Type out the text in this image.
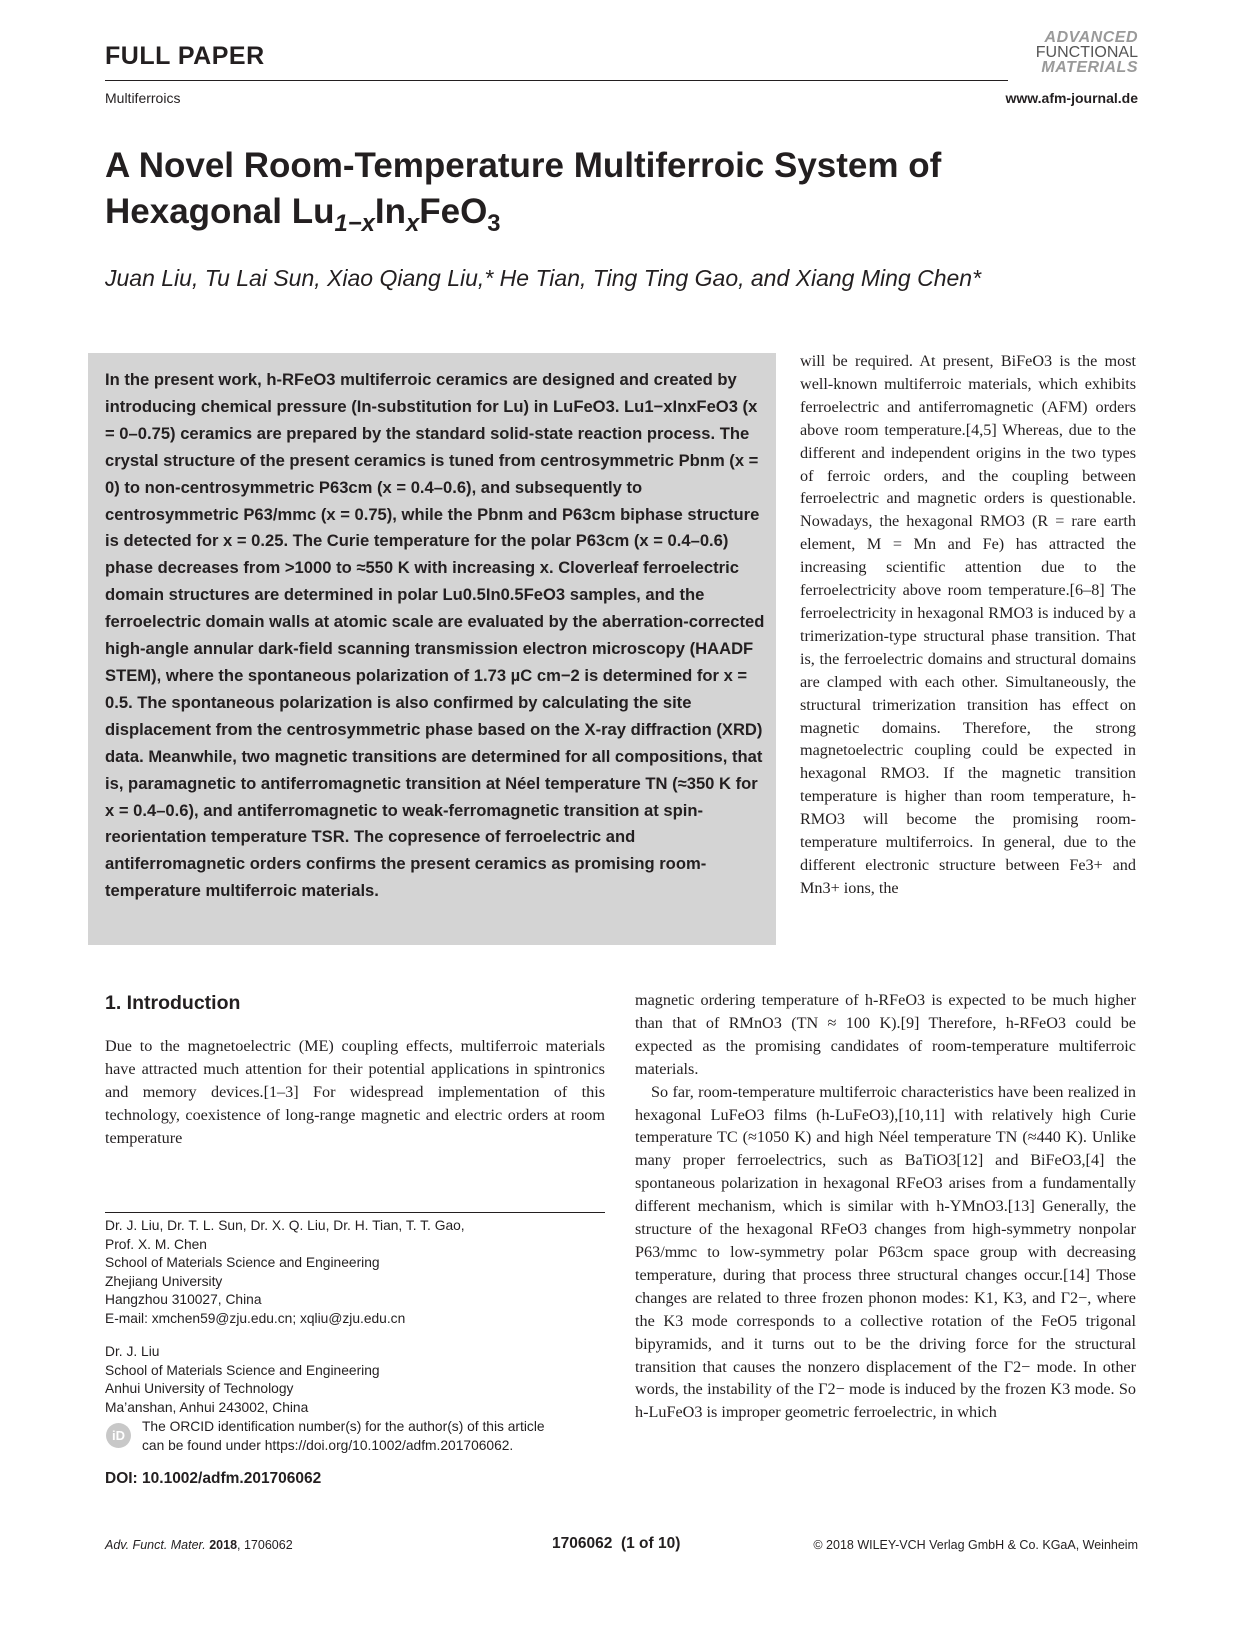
FULL PAPER
Multiferroics
ADVANCED
FUNCTIONAL
MATERIALS
www.afm-journal.de
A Novel Room-Temperature Multiferroic System of
Hexagonal $Lu_{1-x}In_xFeO_3$
Juan Liu, Tu Lai Sun, Xiao Qiang Liu,* He Tian, Ting Ting Gao, and Xiang Ming Chen*
In the present work, h-RFeO3 multiferroic ceramics are designed and created by introducing chemical pressure (In-substitution for Lu) in LuFeO3. Lu1−xInxFeO3 (x = 0–0.75) ceramics are prepared by the standard solid-state reaction process. The crystal structure of the present ceramics is tuned from centrosymmetric Pbnm (x = 0) to non-centrosymmetric P63cm (x = 0.4–0.6), and subsequently to centrosymmetric P63/mmc (x = 0.75), while the Pbnm and P63cm biphase structure is detected for x = 0.25. The Curie temperature for the polar P63cm (x = 0.4–0.6) phase decreases from >1000 to ≈550 K with increasing x. Cloverleaf ferroelectric domain structures are determined in polar Lu0.5In0.5FeO3 samples, and the ferroelectric domain walls at atomic scale are evaluated by the aberration-corrected high-angle annular dark-field scanning transmission electron microscopy (HAADF STEM), where the spontaneous polarization of 1.73 µC cm−2 is determined for x = 0.5. The spontaneous polarization is also confirmed by calculating the site displacement from the centrosymmetric phase based on the X-ray diffraction (XRD) data. Meanwhile, two magnetic transitions are determined for all compositions, that is, paramagnetic to antiferromagnetic transition at Néel temperature TN (≈350 K for x = 0.4–0.6), and antiferromagnetic to weak-ferromagnetic transition at spin-reorientation temperature TSR. The copresence of ferroelectric and antiferromagnetic orders confirms the present ceramics as promising room-temperature multiferroic materials.
will be required. At present, BiFeO3 is the most well-known multiferroic materials, which exhibits ferroelectric and antiferromagnetic (AFM) orders above room temperature.[4,5] Whereas, due to the different and independent origins in the two types of ferroic orders, and the coupling between ferroelectric and magnetic orders is questionable. Nowadays, the hexagonal RMO3 (R = rare earth element, M = Mn and Fe) has attracted the increasing scientific attention due to the ferroelectricity above room temperature.[6–8] The ferroelectricity in hexagonal RMO3 is induced by a trimerization-type structural phase transition. That is, the ferroelectric domains and structural domains are clamped with each other. Simultaneously, the structural trimerization transition has effect on magnetic domains. Therefore, the strong magnetoelectric coupling could be expected in hexagonal RMO3. If the magnetic transition temperature is higher than room temperature, h-RMO3 will become the promising room-temperature multiferroics. In general, due to the different electronic structure between Fe3+ and Mn3+ ions, the
magnetic ordering temperature of h-RFeO3 is expected to be much higher than that of RMnO3 (TN ≈ 100 K).[9] Therefore, h-RFeO3 could be expected as the promising candidates of room-temperature multiferroic materials.
So far, room-temperature multiferroic characteristics have been realized in hexagonal LuFeO3 films (h-LuFeO3),[10,11] with relatively high Curie temperature TC (≈1050 K) and high Néel temperature TN (≈440 K). Unlike many proper ferroelectrics, such as BaTiO3[12] and BiFeO3,[4] the spontaneous polarization in hexagonal RFeO3 arises from a fundamentally different mechanism, which is similar with h-YMnO3.[13] Generally, the structure of the hexagonal RFeO3 changes from high-symmetry nonpolar P63/mmc to low-symmetry polar P63cm space group with decreasing temperature, during that process three structural changes occur.[14] Those changes are related to three frozen phonon modes: K1, K3, and Γ2−, where the K3 mode corresponds to a collective rotation of the FeO5 trigonal bipyramids, and it turns out to be the driving force for the structural transition that causes the nonzero displacement of the Γ2− mode. In other words, the instability of the Γ2− mode is induced by the frozen K3 mode. So h-LuFeO3 is improper geometric ferroelectric, in which
1. Introduction
Due to the magnetoelectric (ME) coupling effects, multiferroic materials have attracted much attention for their potential applications in spintronics and memory devices.[1–3] For widespread implementation of this technology, coexistence of long-range magnetic and electric orders at room temperature
Dr. J. Liu, Dr. T. L. Sun, Dr. X. Q. Liu, Dr. H. Tian, T. T. Gao,
Prof. X. M. Chen
School of Materials Science and Engineering
Zhejiang University
Hangzhou 310027, China
E-mail: xmchen59@zju.edu.cn; xqliu@zju.edu.cn
Dr. J. Liu
School of Materials Science and Engineering
Anhui University of Technology
Ma’anshan, Anhui 243002, China
iD
The ORCID identification number(s) for the author(s) of this article
can be found under https://doi.org/10.1002/adfm.201706062.
DOI: 10.1002/adfm.201706062
Adv. Funct. Mater. 2018, 1706062	1706062  (1 of 10)	© 2018 WILEY-VCH Verlag GmbH & Co. KGaA, Weinheim
